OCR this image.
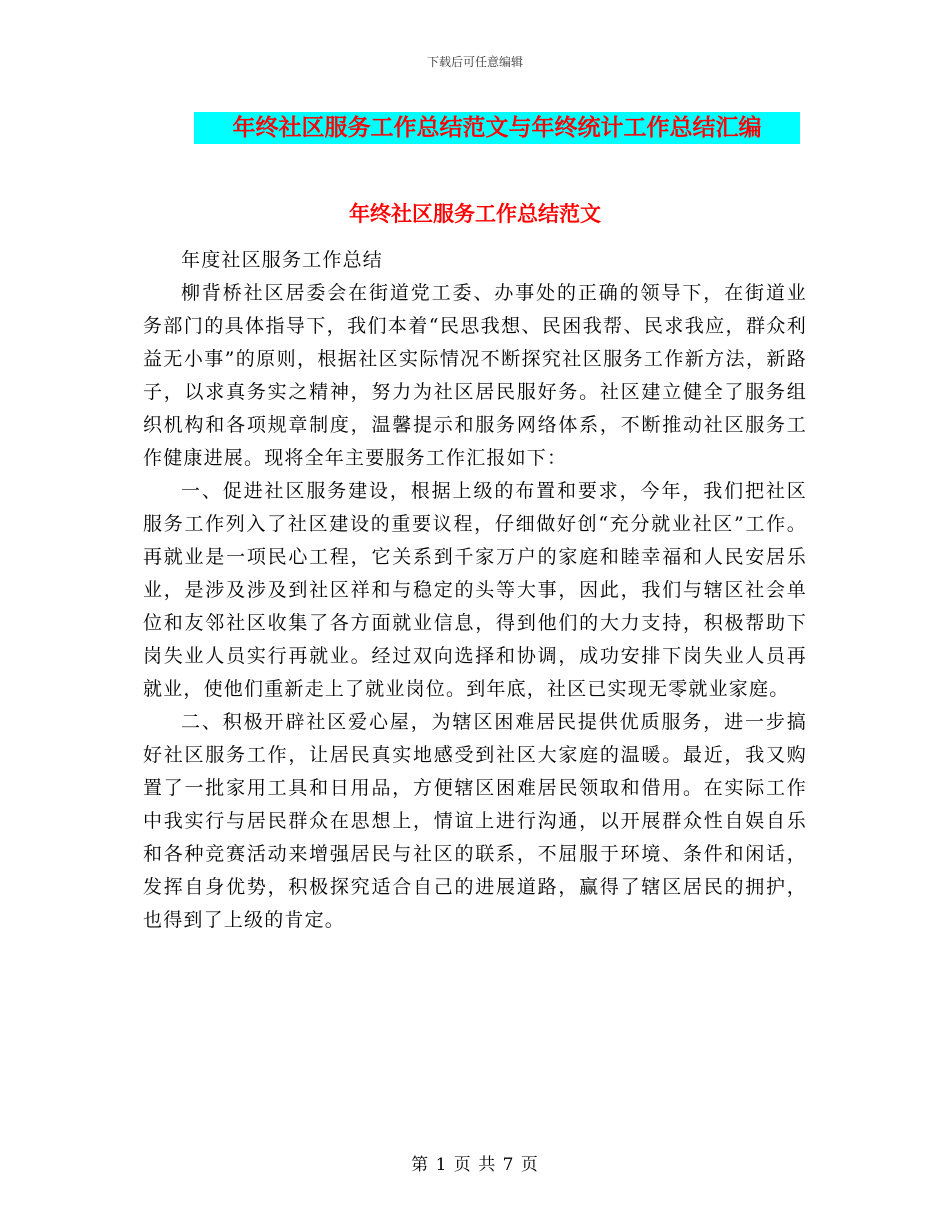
下载后可任意编辑
年终社区服务工作总结范文与年终统计工作总结汇编
年终社区服务工作总结范文

年度社区服务工作总结

柳背桥社区居委会在街道党工委、办事处的正确的领导下，在街道业务部门的具体指导下，我们本着“民思我想、民困我帮、民求我应，群众利益无小事”的原则，根据社区实际情况不断探究社区服务工作新方法，新路子，以求真务实之精神，努力为社区居民服好务。社区建立健全了服务组织机构和各项规章制度，温馨提示和服务网络体系，不断推动社区服务工作健康进展。现将全年主要服务工作汇报如下：

一、促进社区服务建设，根据上级的布置和要求，今年，我们把社区服务工作列入了社区建设的重要议程，仔细做好创“充分就业社区”工作。再就业是一项民心工程，它关系到千家万户的家庭和睦幸福和人民安居乐业，是涉及涉及到社区祥和与稳定的头等大事，因此，我们与辖区社会单位和友邻社区收集了各方面就业信息，得到他们的大力支持，积极帮助下岗失业人员实行再就业。经过双向选择和协调，成功安排下岗失业人员再就业，使他们重新走上了就业岗位。到年底，社区已实现无零就业家庭。

二、积极开辟社区爱心屋，为辖区困难居民提供优质服务，进一步搞好社区服务工作，让居民真实地感受到社区大家庭的温暖。最近，我又购置了一批家用工具和日用品，方便辖区困难居民领取和借用。在实际工作中我实行与居民群众在思想上，情谊上进行沟通，以开展群众性自娱自乐和各种竞赛活动来增强居民与社区的联系，不屈服于环境、条件和闲话，发挥自身优势，积极探究适合自己的进展道路，赢得了辖区居民的拥护，也得到了上级的肯定。

第 1 页 共 7 页
